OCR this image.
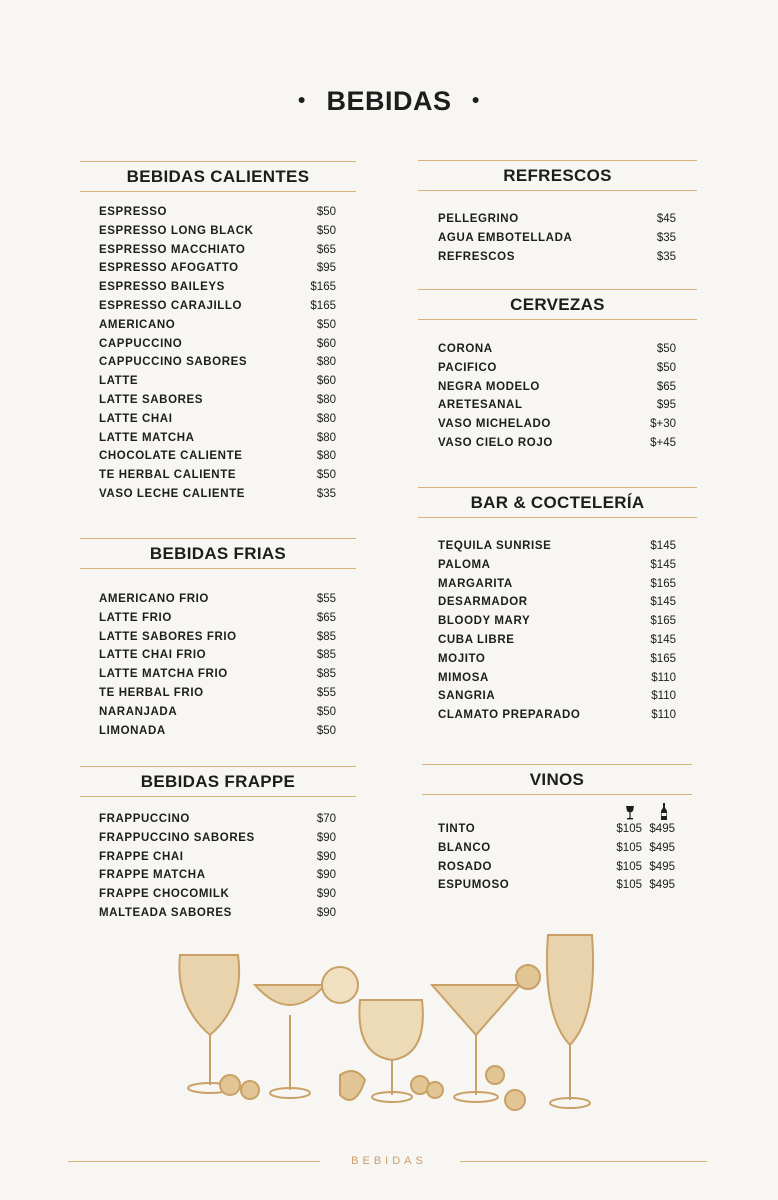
● BEBIDAS ●
BEBIDAS CALIENTES
ESPRESSO	$50
ESPRESSO LONG BLACK	$50
ESPRESSO MACCHIATO	$65
ESPRESSO AFOGATTO	$95
ESPRESSO BAILEYS	$165
ESPRESSO CARAJILLO	$165
AMERICANO	$50
CAPPUCCINO	$60
CAPPUCCINO SABORES	$80
LATTE	$60
LATTE SABORES	$80
LATTE CHAI	$80
LATTE MATCHA	$80
CHOCOLATE CALIENTE	$80
TE HERBAL CALIENTE	$50
VASO LECHE CALIENTE	$35
BEBIDAS FRIAS
AMERICANO FRIO	$55
LATTE FRIO	$65
LATTE SABORES FRIO	$85
LATTE CHAI FRIO	$85
LATTE MATCHA FRIO	$85
TE HERBAL FRIO	$55
NARANJADA	$50
LIMONADA	$50
BEBIDAS FRAPPE
FRAPPUCCINO	$70
FRAPPUCCINO SABORES	$90
FRAPPE CHAI	$90
FRAPPE MATCHA	$90
FRAPPE CHOCOMILK	$90
MALTEADA SABORES	$90
REFRESCOS
PELLEGRINO	$45
AGUA EMBOTELLADA	$35
REFRESCOS	$35
CERVEZAS
CORONA	$50
PACIFICO	$50
NEGRA MODELO	$65
ARETESANAL	$95
VASO MICHELADO	$+30
VASO CIELO ROJO	$+45
BAR & COCTELERÍA
TEQUILA SUNRISE	$145
PALOMA	$145
MARGARITA	$165
DESARMADOR	$145
BLOODY MARY	$165
CUBA LIBRE	$145
MOJITO	$165
MIMOSA	$110
SANGRIA	$110
CLAMATO PREPARADO	$110
VINOS
TINTO	$105 $495
BLANCO	$105 $495
ROSADO	$105 $495
ESPUMOSO	$105 $495
BEBIDAS
